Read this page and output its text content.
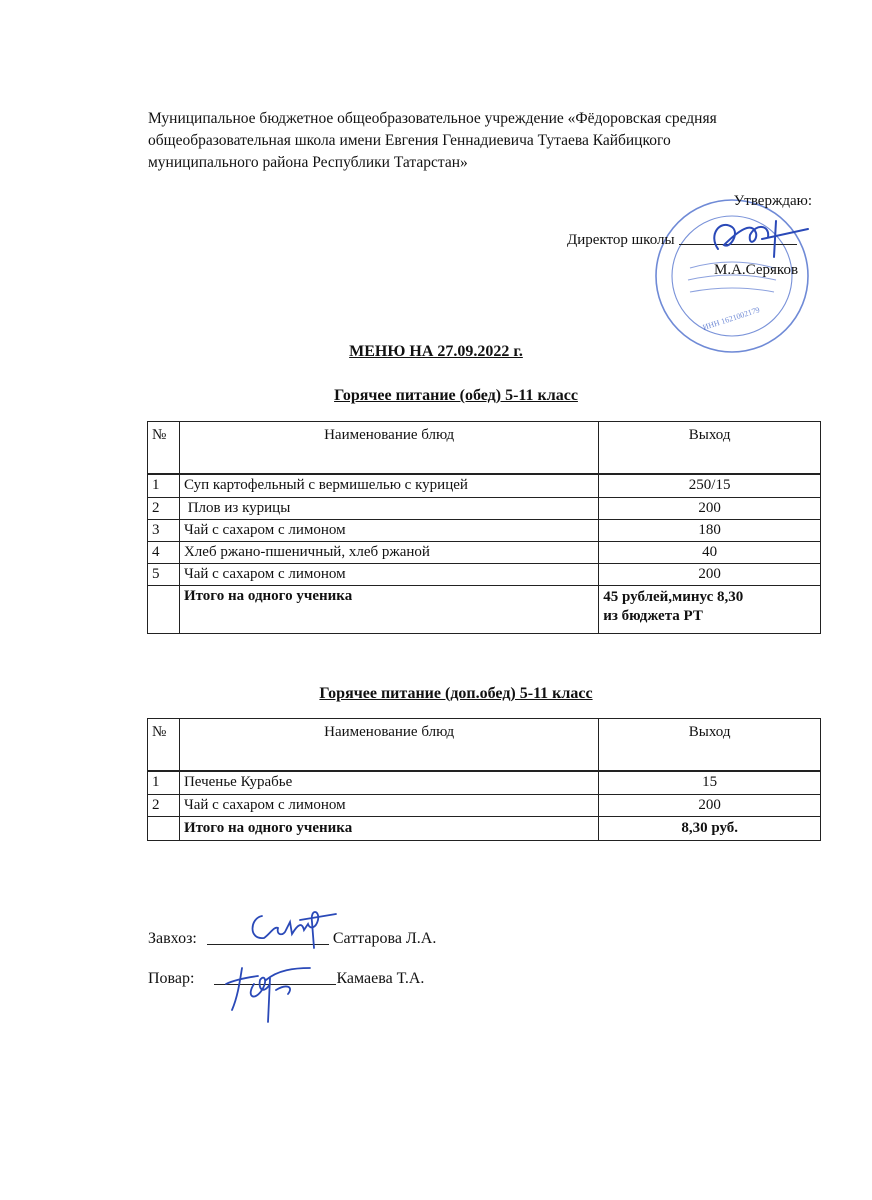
Муниципальное бюджетное общеобразовательное учреждение «Фёдоровская средняя
общеобразовательная школа имени Евгения Геннадиевича Тутаева Кайбицкого
муниципального района Республики Татарстан»
ИНН 1621002179
Утверждаю:
Директор школы
М.А.Серяков
МЕНЮ НА 27.09.2022 г.
Горячее питание (обед) 5-11 класс
№	Наименование блюд	Выход
1	Суп картофельный с вермишелью с курицей	250/15
2	Плов из курицы	200
3	Чай с сахаром с лимоном	180
4	Хлеб ржано-пшеничный, хлеб ржаной	40
5	Чай с сахаром с лимоном	200
	Итого на одного ученика	45 рублей,минус 8,30
из бюджета РТ
Горячее питание (доп.обед) 5-11 класс
№	Наименование блюд	Выход
1	Печенье Курабье	15
2	Чай с сахаром с лимоном	200
	Итого на одного ученика	8,30 руб.
Завхоз:	Саттарова Л.А.
Повар:	Камаева Т.А.
